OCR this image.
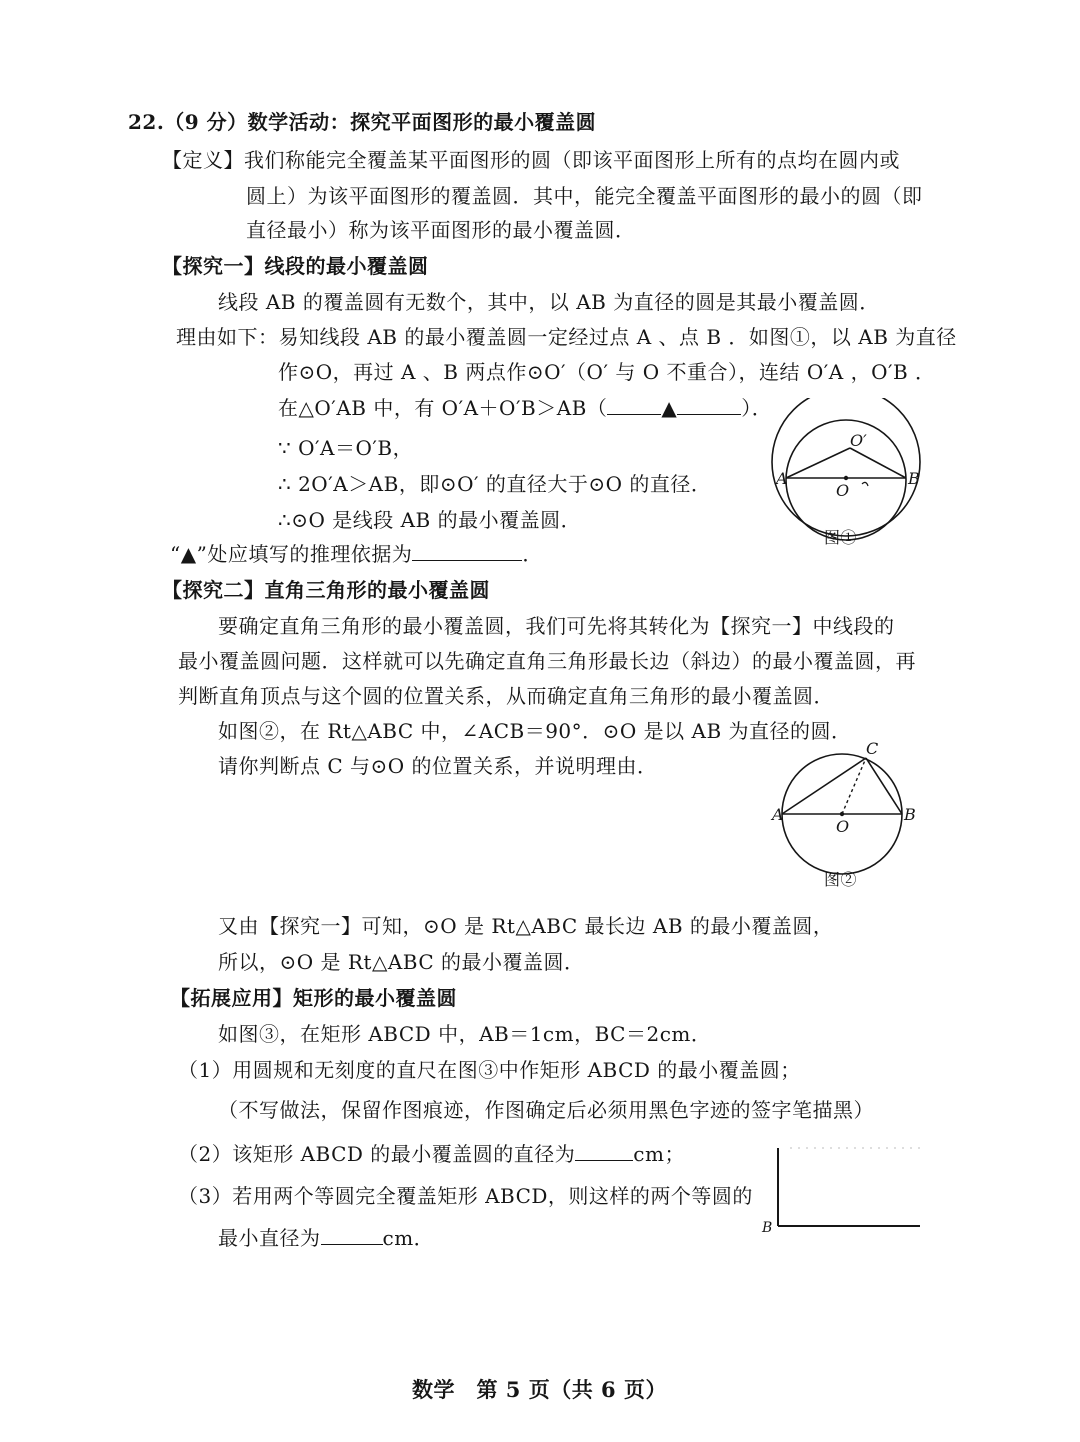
22.（9 分）数学活动：探究平面图形的最小覆盖圆
【定义】我们称能完全覆盖某平面图形的圆（即该平面图形上所有的点均在圆内或
圆上）为该平面图形的覆盖圆．其中，能完全覆盖平面图形的最小的圆（即
直径最小）称为该平面图形的最小覆盖圆．
【探究一】线段的最小覆盖圆
线段 AB 的覆盖圆有无数个，其中，以 AB 为直径的圆是其最小覆盖圆．
理由如下：易知线段 AB 的最小覆盖圆一定经过点 A 、点 B ．如图①，以 AB 为直径
作⊙O，再过 A 、B 两点作⊙O′（O′ 与 O 不重合），连结 O′A ，O′B ．
在△O′AB 中，有 O′A＋O′B＞AB（	▲	）．
∵ O′A＝O′B，
∴ 2O′A＞AB，即⊙O′ 的直径大于⊙O 的直径．
∴⊙O 是线段 AB 的最小覆盖圆．
“▲”处应填写的推理依据为	．
O′
A	B
O
图①
【探究二】直角三角形的最小覆盖圆
要确定直角三角形的最小覆盖圆，我们可先将其转化为【探究一】中线段的
最小覆盖圆问题．这样就可以先确定直角三角形最长边（斜边）的最小覆盖圆，再
判断直角顶点与这个圆的位置关系，从而确定直角三角形的最小覆盖圆．
如图②，在 Rt△ABC 中，∠ACB＝90°．⊙O 是以 AB 为直径的圆．
请你判断点 C 与⊙O 的位置关系，并说明理由．
C
A
O
B
图②
又由【探究一】可知，⊙O 是 Rt△ABC 最长边 AB 的最小覆盖圆，
所以，⊙O 是 Rt△ABC 的最小覆盖圆．
【拓展应用】矩形的最小覆盖圆
如图③，在矩形 ABCD 中，AB＝1cm，BC＝2cm．
（1）用圆规和无刻度的直尺在图③中作矩形 ABCD 的最小覆盖圆；
（不写做法，保留作图痕迹，作图确定后必须用黑色字迹的签字笔描黑）
（2）该矩形 ABCD 的最小覆盖圆的直径为	cm；
（3）若用两个等圆完全覆盖矩形 ABCD，则这样的两个等圆的
最小直径为	cm．	B
数学　第 5 页（共 6 页）
